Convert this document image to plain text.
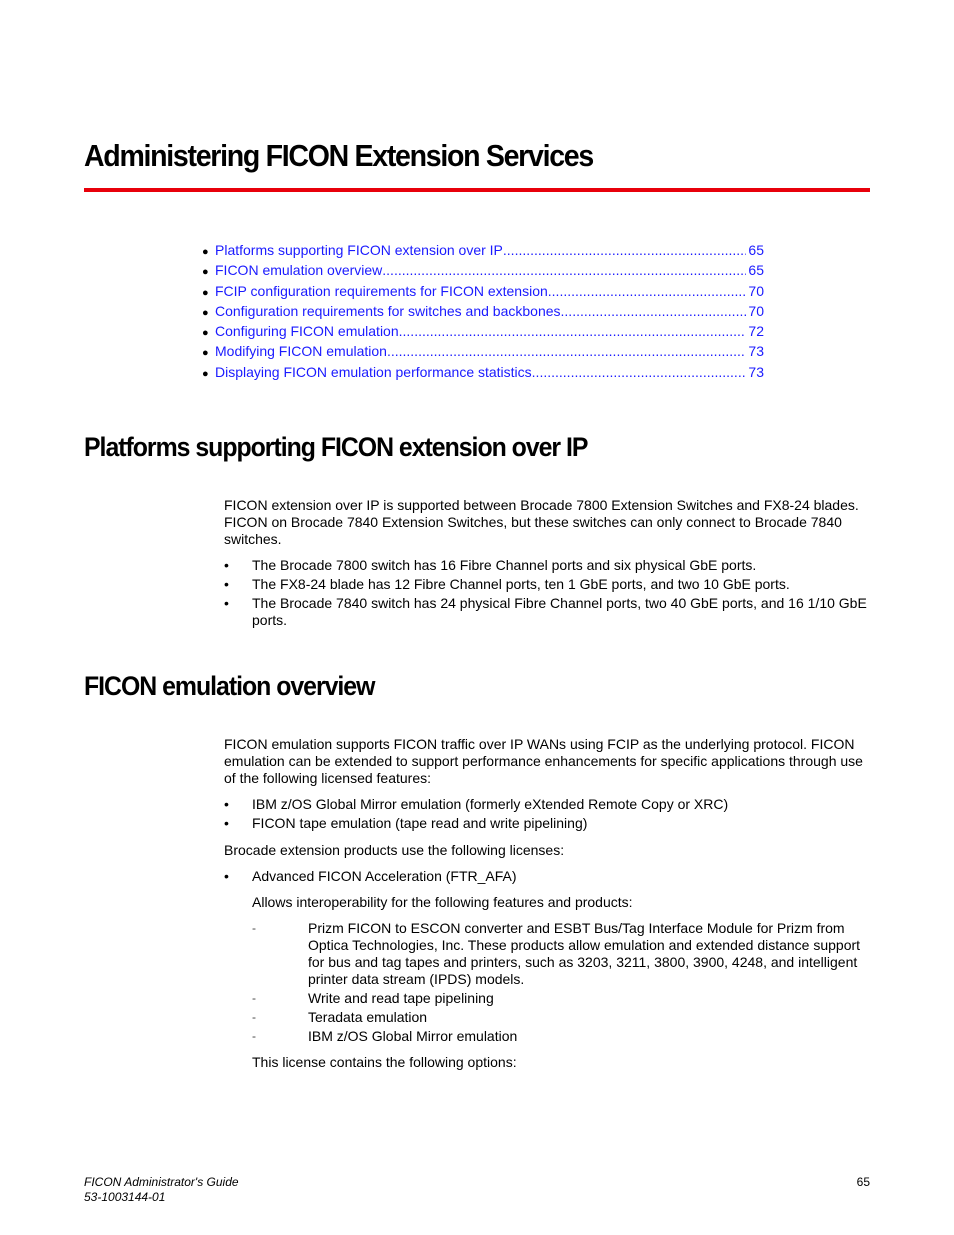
Administering FICON Extension Services
● Platforms supporting FICON extension over IP .....	65
● FICON emulation overview .....	65
● FCIP configuration requirements for FICON extension .....	70
● Configuration requirements for switches and backbones .....	70
● Configuring FICON emulation .....	72
● Modifying FICON emulation .....	73
● Displaying FICON emulation performance statistics .....	73
Platforms supporting FICON extension over IP

FICON extension over IP is supported between Brocade 7800 Extension Switches and FX8-24 blades. FICON on Brocade 7840 Extension Switches, but these switches can only connect to Brocade 7840 switches.

•	The Brocade 7800 switch has 16 Fibre Channel ports and six physical GbE ports.
•	The FX8-24 blade has 12 Fibre Channel ports, ten 1 GbE ports, and two 10 GbE ports.
•	The Brocade 7840 switch has 24 physical Fibre Channel ports, two 40 GbE ports, and 16 1/10 GbE ports.
FICON emulation overview

FICON emulation supports FICON traffic over IP WANs using FCIP as the underlying protocol. FICON emulation can be extended to support performance enhancements for specific applications through use of the following licensed features:

•	IBM z/OS Global Mirror emulation (formerly eXtended Remote Copy or XRC)
•	FICON tape emulation (tape read and write pipelining)

Brocade extension products use the following licenses:

•	Advanced FICON Acceleration (FTR_AFA)

Allows interoperability for the following features and products:

-	Prizm FICON to ESCON converter and ESBT Bus/Tag Interface Module for Prizm from Optica Technologies, Inc. These products allow emulation and extended distance support for bus and tag tapes and printers, such as 3203, 3211, 3800, 3900, 4248, and intelligent printer data stream (IPDS) models.
-	Write and read tape pipelining
-	Teradata emulation
-	IBM z/OS Global Mirror emulation

This license contains the following options:

FICON Administrator's Guide
53-1003144-01
65
